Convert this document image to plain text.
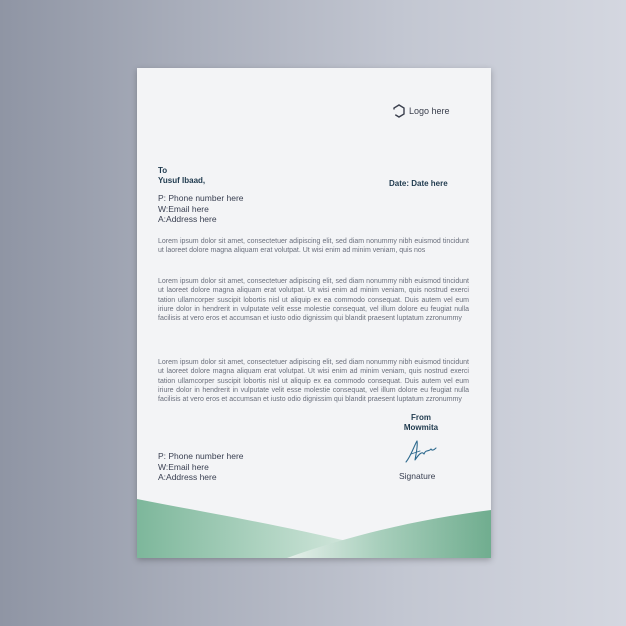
Logo here
To
Yusuf Ibaad,	Date: Date here
P: Phone number here
W:Email here
A:Address here
Lorem ipsum dolor sit amet, consectetuer adipiscing elit, sed diam nonummy nibh euismod tincidunt ut laoreet dolore magna aliquam erat volutpat. Ut wisi enim ad minim veniam, quis nos
Lorem ipsum dolor sit amet, consectetuer adipiscing elit, sed diam nonummy nibh euismod tincidunt ut laoreet dolore magna aliquam erat volutpat. Ut wisi enim ad minim veniam, quis nostrud exerci tation ullamcorper suscipit lobortis nisl ut aliquip ex ea commodo consequat. Duis autem vel eum iriure dolor in hendrerit in vulputate velit esse molestie consequat, vel illum dolore eu feugiat nulla facilisis at vero eros et accumsan et iusto odio dignissim qui blandit praesent luptatum zzronummy
Lorem ipsum dolor sit amet, consectetuer adipiscing elit, sed diam nonummy nibh euismod tincidunt ut laoreet dolore magna aliquam erat volutpat. Ut wisi enim ad minim veniam, quis nostrud exerci tation ullamcorper suscipit lobortis nisl ut aliquip ex ea commodo consequat. Duis autem vel eum iriure dolor in hendrerit in vulputate velit esse molestie consequat, vel illum dolore eu feugiat nulla facilisis at vero eros et accumsan et iusto odio dignissim qui blandit praesent luptatum zzronummy
From
Mowmita
Signature
P: Phone number here
W:Email here
A:Address here
